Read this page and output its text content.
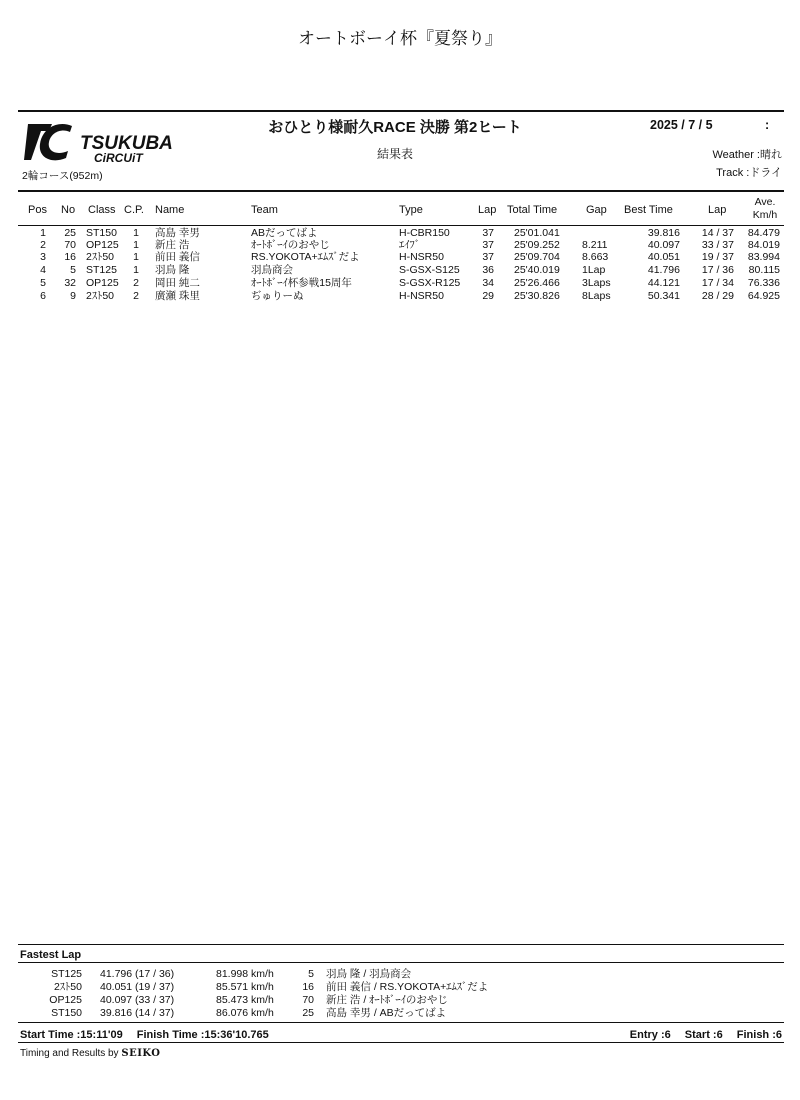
オートボーイ杯『夏祭り』
TSUKUBA
CiRCUiT
2輪コース(952m)
おひとり様耐久RACE 決勝 第2ヒート
結果表
2025 / 7 / 5	:
Weather :晴れ
Track :ドライ
Pos No Class C.P. Name	Team	Type	Lap Total Time	Gap Best Time	Lap
Ave.
Km/h
1	25 ST150	1	高島 幸男	ABだってばよ	H-CBR150	37 25'01.041	39.816	14 / 37	84.479
2	70 OP125	1	新庄 浩	ｵｰﾄﾎﾞｰｲのおやじ	ｴｲﾌﾞ	37 25'09.252 8.211	40.097	33 / 37	84.019
3	16 2ｽﾄ50	1	前田 義信	RS.YOKOTA+ｴﾑｽﾞだよ	H-NSR50	37 25'09.704 8.663	40.051	19 / 37	83.994
4	5 ST125	1	羽鳥 隆	羽鳥商会	S-GSX-S125	36 25'40.019 1Lap	41.796	17 / 36	80.115
5	32 OP125	2	岡田 純二	ｵｰﾄﾎﾞｰｲ杯参戦15周年	S-GSX-R125	34 25'26.466 3Laps	44.121	17 / 34	76.336
6	9 2ｽﾄ50	2	廣瀬 珠里	ぢゅりーぬ	H-NSR50	29 25'30.826 8Laps	50.341	28 / 29	64.925
Fastest Lap
ST125 41.796 (17 / 36)	81.998 km/h	5 羽鳥 隆 / 羽鳥商会
2ｽﾄ50 40.051 (19 / 37)	85.571 km/h	16 前田 義信 / RS.YOKOTA+ｴﾑｽﾞだよ
OP125 40.097 (33 / 37)	85.473 km/h	70 新庄 浩 / ｵｰﾄﾎﾞｰｲのおやじ
ST150 39.816 (14 / 37)	86.076 km/h	25 高島 幸男 / ABだってばよ
Start Time :15:11'09　 Finish Time :15:36'10.765	Entry :6　 Start :6　 Finish :6
Timing and Results by SEIKO
